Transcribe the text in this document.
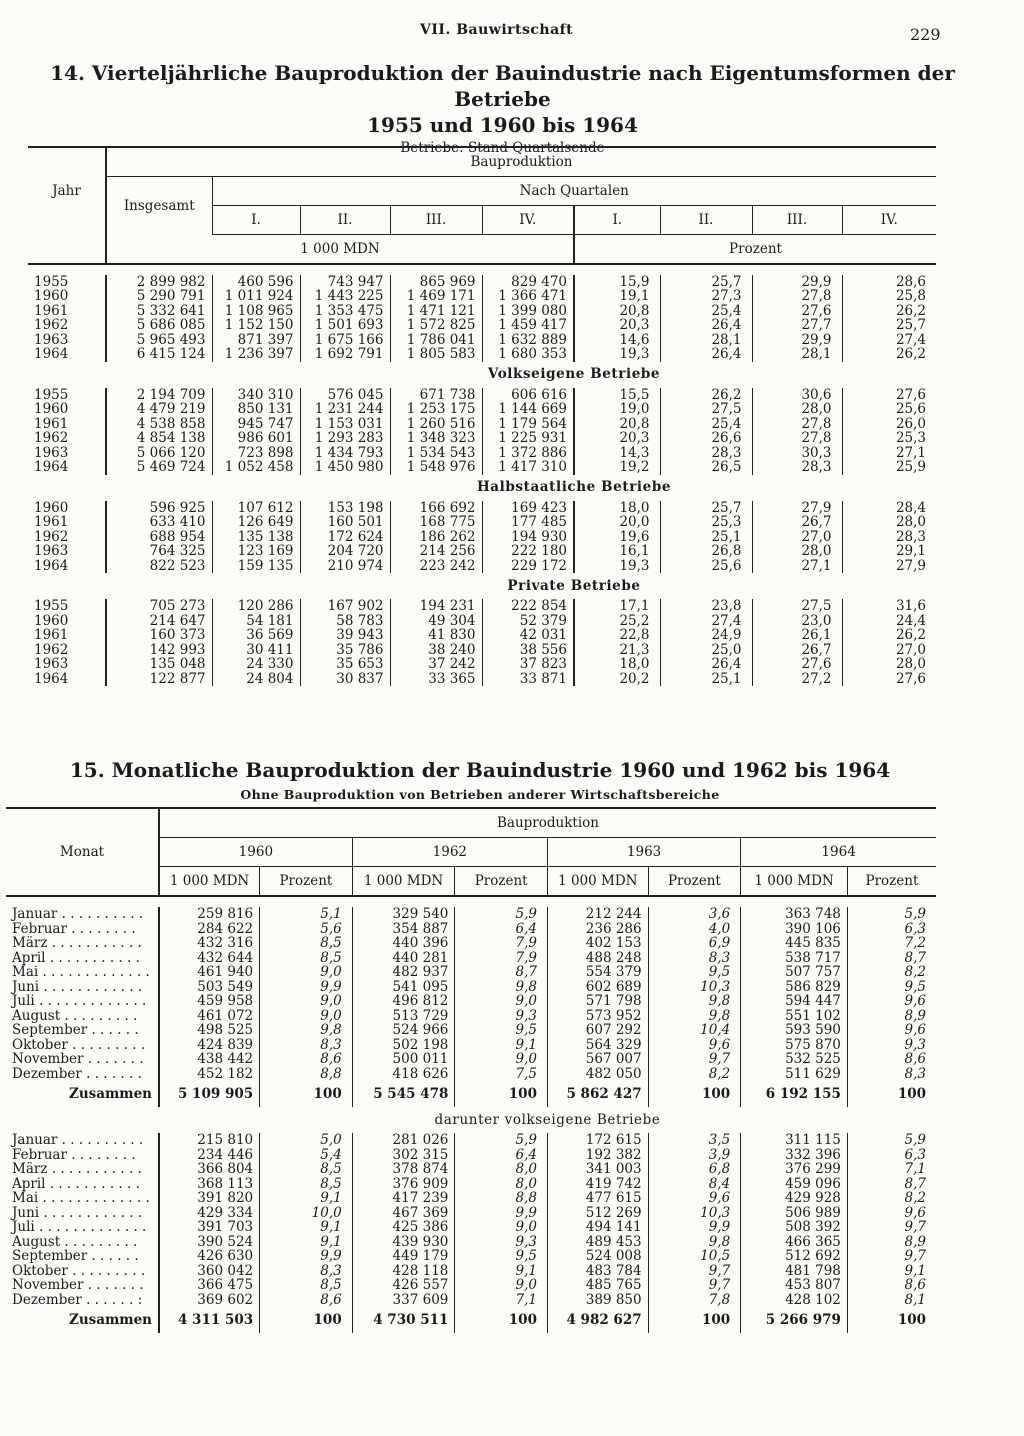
VII. Bauwirtschaft	229
14. Vierteljährliche Bauproduktion der Bauindustrie nach Eigentumsformen der Betriebe
1955 und 1960 bis 1964
Betriebe: Stand Quartalsende
Jahr	Bauproduktion								
	Insgesamt	Nach Quartalen							
		I.	II.	III.	IV.	I.	II.	III.	IV.
	1 000 MDN					Prozent			

1955	2 899 982	460 596	743 947	865 969	829 470	15,9	25,7	29,9	28,6
1960	5 290 791	1 011 924	1 443 225	1 469 171	1 366 471	19,1	27,3	27,8	25,8
1961	5 332 641	1 108 965	1 353 475	1 471 121	1 399 080	20,8	25,4	27,6	26,2
1962	5 686 085	1 152 150	1 501 693	1 572 825	1 459 417	20,3	26,4	27,7	25,7
1963	5 965 493	871 397	1 675 166	1 786 041	1 632 889	14,6	28,1	29,9	27,4
1964	6 415 124	1 236 397	1 692 791	1 805 583	1 680 353	19,3	26,4	28,1	26,2
		Volkseigene Betriebe							
1955	2 194 709	340 310	576 045	671 738	606 616	15,5	26,2	30,6	27,6
1960	4 479 219	850 131	1 231 244	1 253 175	1 144 669	19,0	27,5	28,0	25,6
1961	4 538 858	945 747	1 153 031	1 260 516	1 179 564	20,8	25,4	27,8	26,0
1962	4 854 138	986 601	1 293 283	1 348 323	1 225 931	20,3	26,6	27,8	25,3
1963	5 066 120	723 898	1 434 793	1 534 543	1 372 886	14,3	28,3	30,3	27,1
1964	5 469 724	1 052 458	1 450 980	1 548 976	1 417 310	19,2	26,5	28,3	25,9
		Halbstaatliche Betriebe							
1960	596 925	107 612	153 198	166 692	169 423	18,0	25,7	27,9	28,4
1961	633 410	126 649	160 501	168 775	177 485	20,0	25,3	26,7	28,0
1962	688 954	135 138	172 624	186 262	194 930	19,6	25,1	27,0	28,3
1963	764 325	123 169	204 720	214 256	222 180	16,1	26,8	28,0	29,1
1964	822 523	159 135	210 974	223 242	229 172	19,3	25,6	27,1	27,9
		Private Betriebe							
1955	705 273	120 286	167 902	194 231	222 854	17,1	23,8	27,5	31,6
1960	214 647	54 181	58 783	49 304	52 379	25,2	27,4	23,0	24,4
1961	160 373	36 569	39 943	41 830	42 031	22,8	24,9	26,1	26,2
1962	142 993	30 411	35 786	38 240	38 556	21,3	25,0	26,7	27,0
1963	135 048	24 330	35 653	37 242	37 823	18,0	26,4	27,6	28,0
1964	122 877	24 804	30 837	33 365	33 871	20,2	25,1	27,2	27,6

15. Monatliche Bauproduktion der Bauindustrie 1960 und 1962 bis 1964
Ohne Bauproduktion von Betrieben anderer Wirtschaftsbereiche
Monat	Bauproduktion							
	1960		1962		1963		1964	
	1 000 MDN	Prozent	1 000 MDN	Prozent	1 000 MDN	Prozent	1 000 MDN	Prozent

Januar . . . . . . . . . .	259 816	5,1	329 540	5,9	212 244	3,6	363 748	5,9
Februar . . . . . . . .	284 622	5,6	354 887	6,4	236 286	4,0	390 106	6,3
März . . . . . . . . . . .	432 316	8,5	440 396	7,9	402 153	6,9	445 835	7,2
April . . . . . . . . . . .	432 644	8,5	440 281	7,9	488 248	8,3	538 717	8,7
Mai . . . . . . . . . . . . .	461 940	9,0	482 937	8,7	554 379	9,5	507 757	8,2
Juni . . . . . . . . . . . .	503 549	9,9	541 095	9,8	602 689	10,3	586 829	9,5
Juli . . . . . . . . . . . . .	459 958	9,0	496 812	9,0	571 798	9,8	594 447	9,6
August . . . . . . . . .	461 072	9,0	513 729	9,3	573 952	9,8	551 102	8,9
September . . . . . .	498 525	9,8	524 966	9,5	607 292	10,4	593 590	9,6
Oktober . . . . . . . . .	424 839	8,3	502 198	9,1	564 329	9,6	575 870	9,3
November . . . . . . .	438 442	8,6	500 011	9,0	567 007	9,7	532 525	8,6
Dezember . . . . . . .	452 182	8,8	418 626	7,5	482 050	8,2	511 629	8,3
Zusammen	5 109 905	100	5 545 478	100	5 862 427	100	6 192 155	100
	darunter volkseigene Betriebe							
Januar . . . . . . . . . .	215 810	5,0	281 026	5,9	172 615	3,5	311 115	5,9
Februar . . . . . . . .	234 446	5,4	302 315	6,4	192 382	3,9	332 396	6,3
März . . . . . . . . . . .	366 804	8,5	378 874	8,0	341 003	6,8	376 299	7,1
April . . . . . . . . . . .	368 113	8,5	376 909	8,0	419 742	8,4	459 096	8,7
Mai . . . . . . . . . . . . .	391 820	9,1	417 239	8,8	477 615	9,6	429 928	8,2
Juni . . . . . . . . . . . .	429 334	10,0	467 369	9,9	512 269	10,3	506 989	9,6
Juli . . . . . . . . . . . . .	391 703	9,1	425 386	9,0	494 141	9,9	508 392	9,7
August . . . . . . . . .	390 524	9,1	439 930	9,3	489 453	9,8	466 365	8,9
September . . . . . .	426 630	9,9	449 179	9,5	524 008	10,5	512 692	9,7
Oktober . . . . . . . . .	360 042	8,3	428 118	9,1	483 784	9,7	481 798	9,1
November . . . . . . .	366 475	8,5	426 557	9,0	485 765	9,7	453 807	8,6
Dezember . . . . . . :	369 602	8,6	337 609	7,1	389 850	7,8	428 102	8,1
Zusammen	4 311 503	100	4 730 511	100	4 982 627	100	5 266 979	100
